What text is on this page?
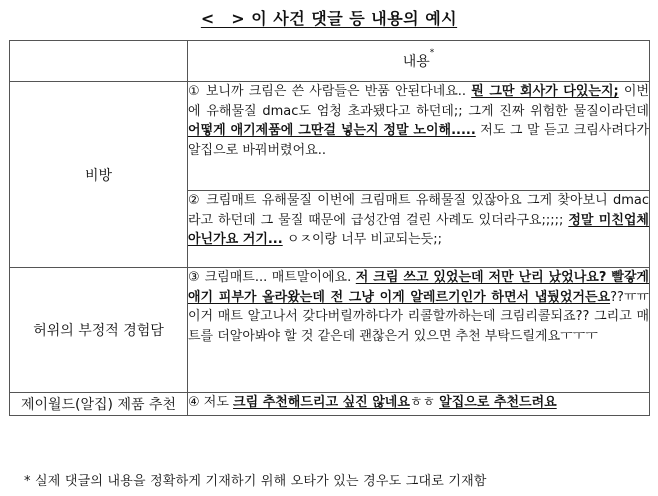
<　> 이 사건 댓글 등 내용의 예시
	내용*
비방	① 보니까 크림은 쓴 사람들은 반품 안된다네요.. 뭔 그딴 회사가 다있는지; 이번에 유해물질 dmac도 엄청 초과됐다고 하던데;; 그게 진짜 위험한 물질이라던데 어떻게 애기제품에 그딴걸 넣는지 정말 노이해..... 저도 그 말 듣고 크림사려다가 알집으로 바꿔버렸어요..
	② 크림매트 유해물질 이번에 크림매트 유해물질 있잖아요 그게 찾아보니 dmac라고 하던데 그 물질 때문에 급성간염 걸린 사례도 있더라구요;;;;; 정말 미친업체 아닌가요 거기... ㅇㅈ이랑 너무 비교되는듯;;
허위의 부정적 경험담	③ 크림매트... 매트말이에요. 저 크림 쓰고 있었는데 저만 난리 났었나요? 빨갛게 애기 피부가 올라왔는데 전 그냥 이게 알레르기인가 하면서 냅뒀었거든요??ㅠㅠ 이거 매트 알고나서 갖다버릴까하다가 리콜할까하는데 크림리콜되죠?? 그리고 매트를 더알아봐야 할 것 같은데 괜찮은거 있으면 추천 부탁드릴게요ㅜㅜㅜ
제이월드(알집) 제품 추천	④ 저도 크림 추천해드리고 싶진 않네요ㅎㅎ 알집으로 추천드려요
* 실제 댓글의 내용을 정확하게 기재하기 위해 오타가 있는 경우도 그대로 기재함
